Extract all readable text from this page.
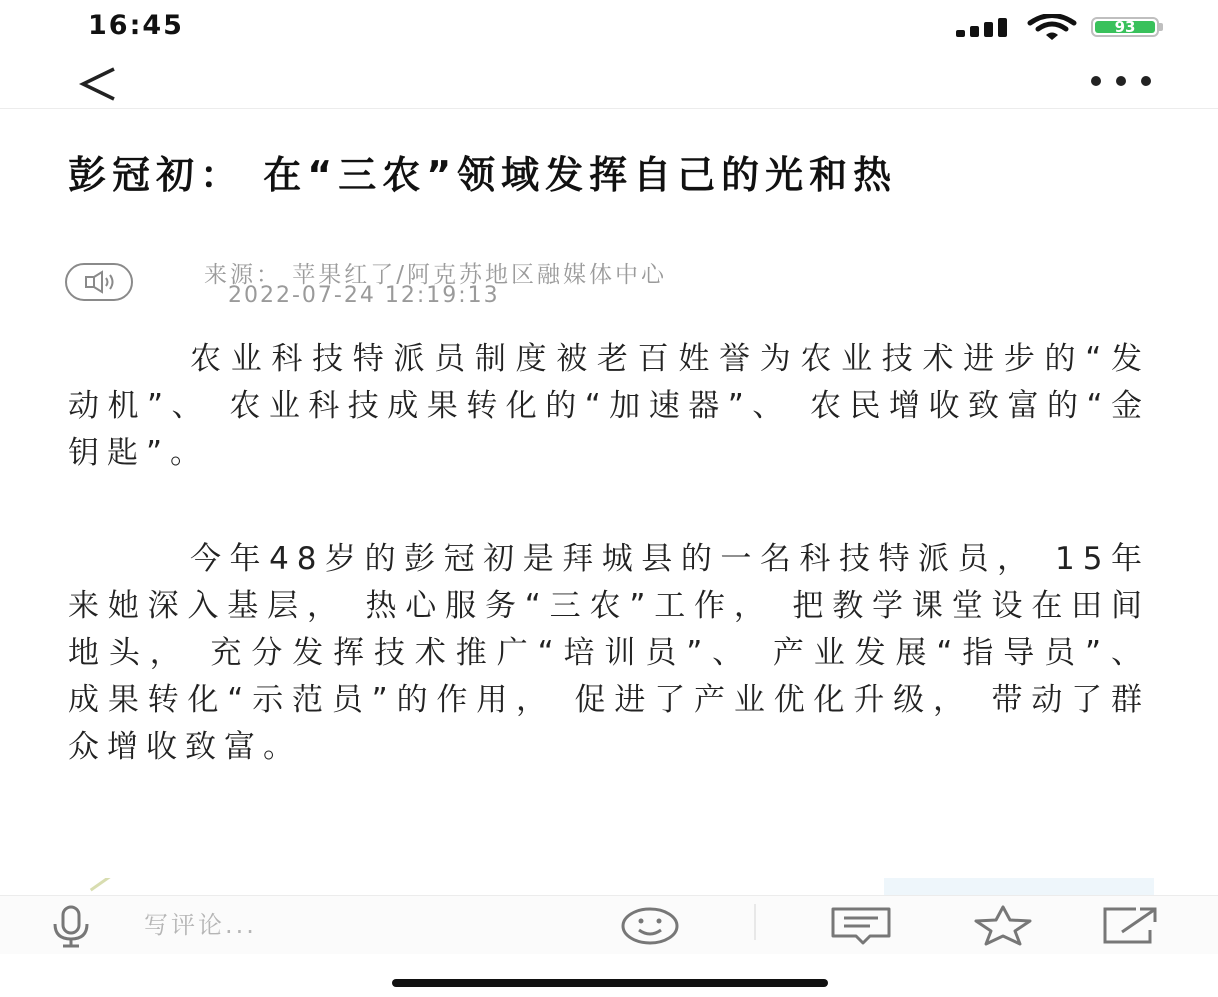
16:45	93
彭冠初： 在“三农”领域发挥自己的光和热
来源： 苹果红了/阿克苏地区融媒体中心
2022-07-24 12:19:13

农业科技特派员制度被老百姓誉为农业技术进步的“发动机”、 农业科技成果转化的“加速器”、 农民增收致富的“金钥匙”。

今年48岁的彭冠初是拜城县的一名科技特派员， 15年来她深入基层， 热心服务“三农”工作， 把教学课堂设在田间地头， 充分发挥技术推广“培训员”、 产业发展“指导员”、 成果转化“示范员”的作用， 促进了产业优化升级， 带动了群众增收致富。

写评论...
